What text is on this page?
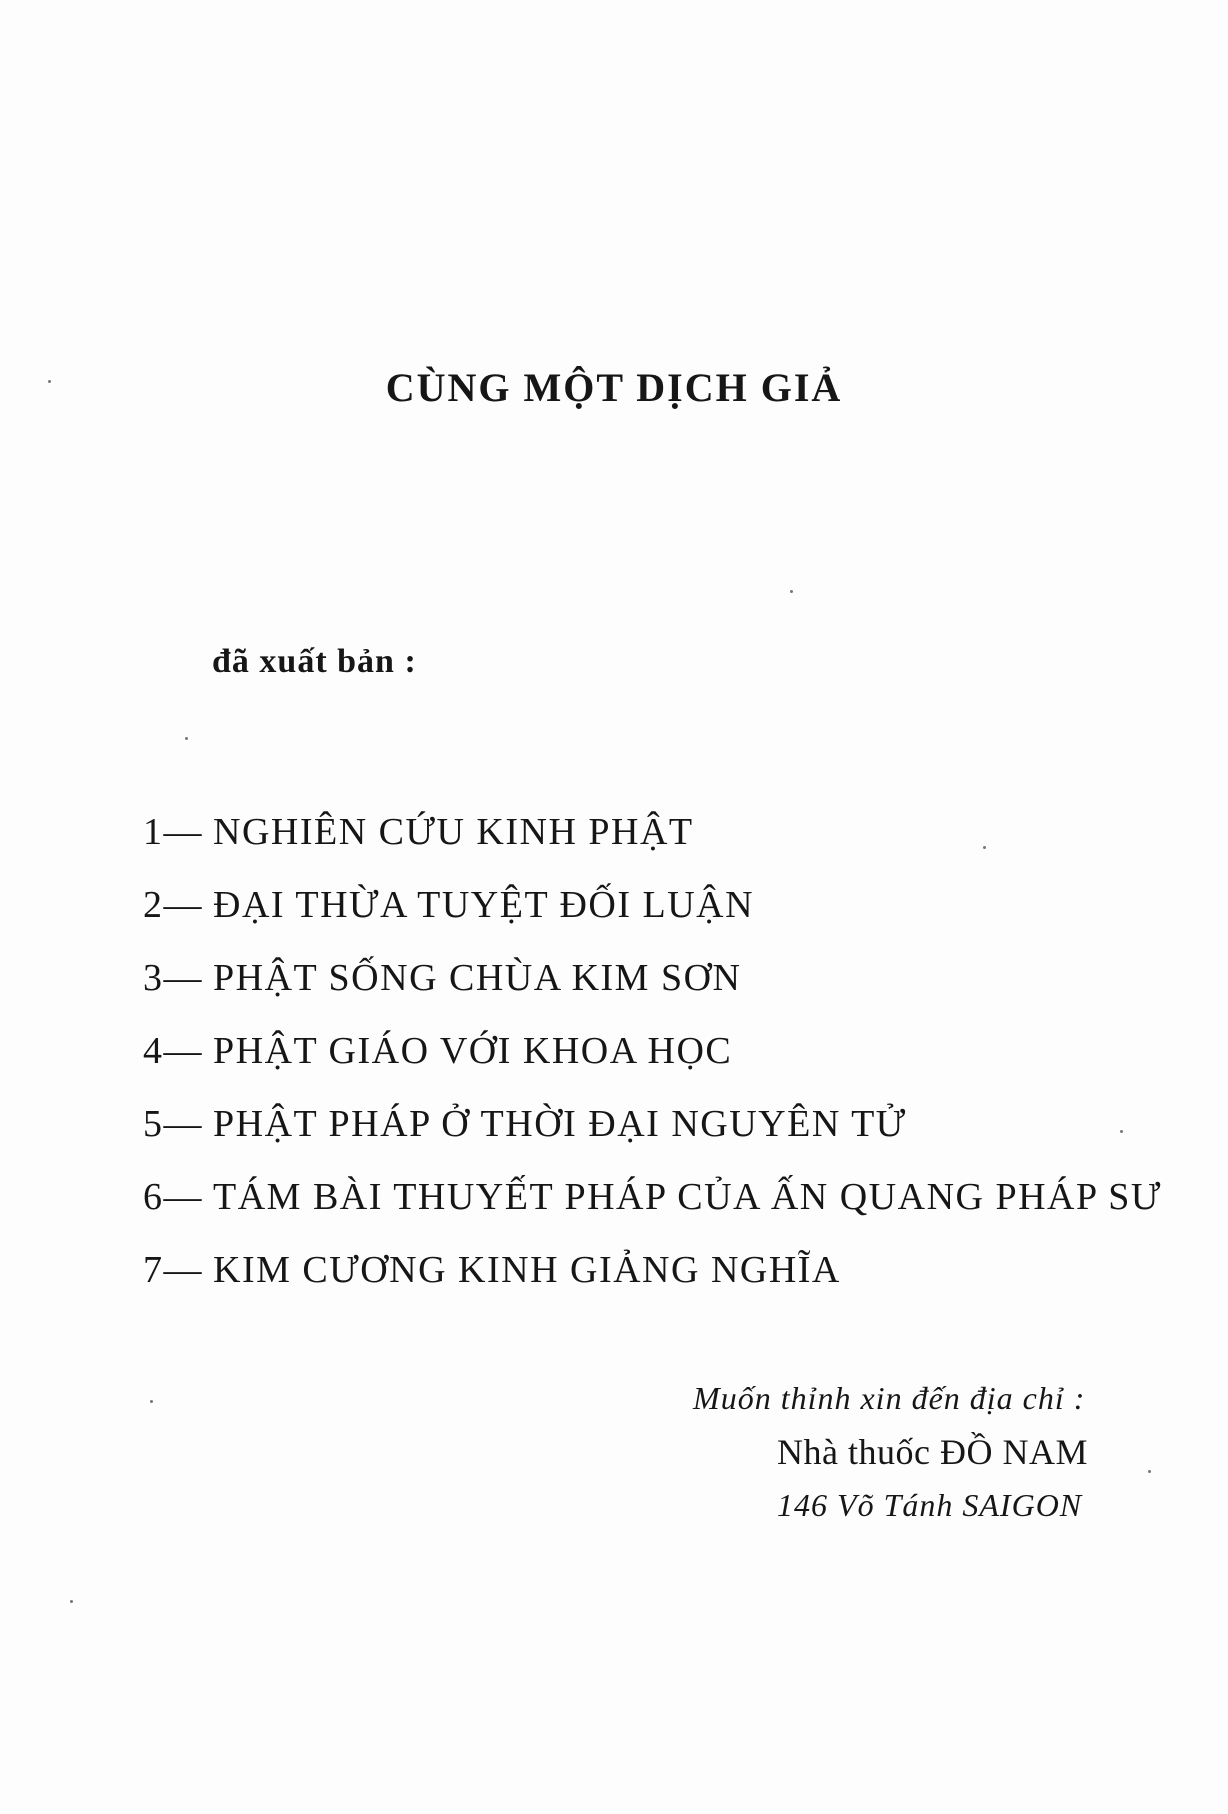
CÙNG MỘT DỊCH GIẢ
đã xuất bản :
1— NGHIÊN CỨU KINH PHẬT
2— ĐẠI THỪA TUYỆT ĐỐI LUẬN
3— PHẬT SỐNG CHÙA KIM SƠN
4— PHẬT GIÁO VỚI KHOA HỌC
5— PHẬT PHÁP Ở THỜI ĐẠI NGUYÊN TỬ
6— TÁM BÀI THUYẾT PHÁP CỦA ẤN QUANG PHÁP SƯ
7— KIM CƯƠNG KINH GIẢNG NGHĨA
Muốn thỉnh xin đến địa chỉ :
Nhà thuốc ĐỒ NAM
146 Võ Tánh SAIGON
